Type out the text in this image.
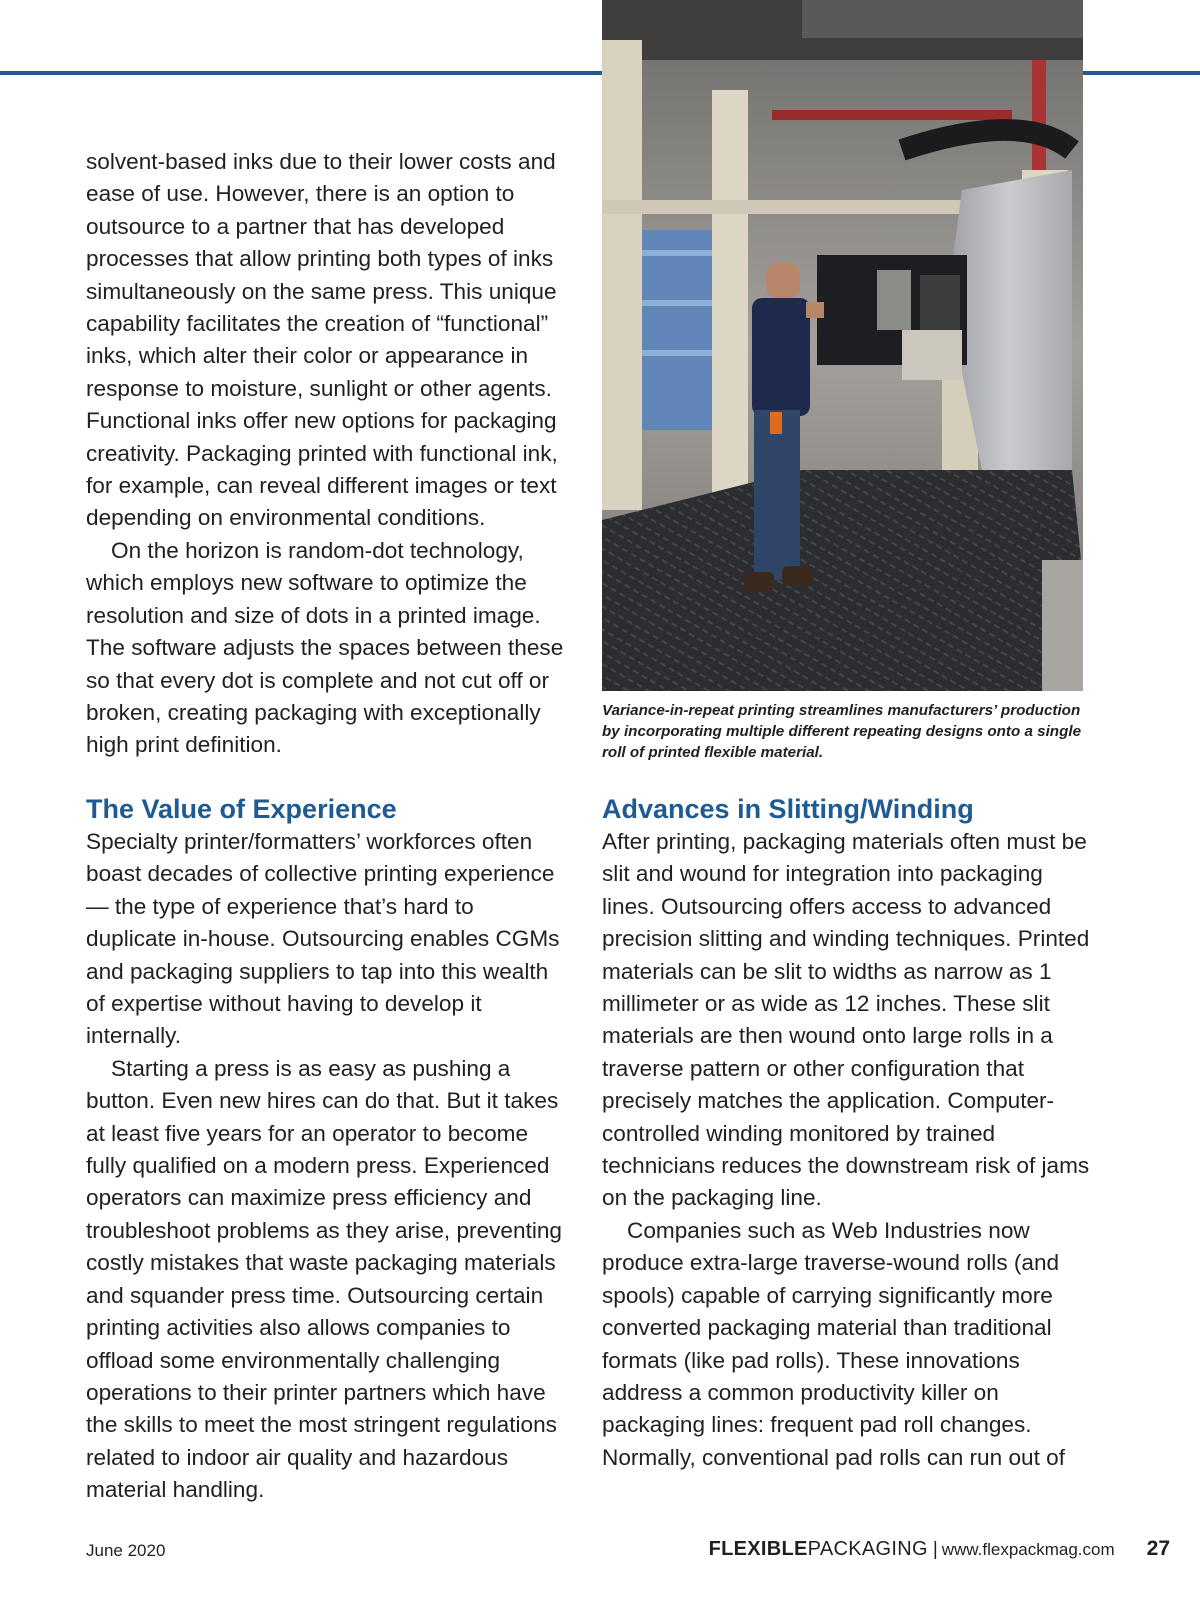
solvent-based inks due to their lower costs and ease of use. However, there is an option to outsource to a partner that has developed processes that allow printing both types of inks simultaneously on the same press. This unique capability facilitates the creation of “functional” inks, which alter their color or appearance in response to moisture, sunlight or other agents. Functional inks offer new options for packaging creativity. Packaging printed with functional ink, for example, can reveal different images or text depending on environmental conditions.

On the horizon is random-dot technology, which employs new software to optimize the resolution and size of dots in a printed image. The software adjusts the spaces between these so that every dot is complete and not cut off or broken, creating packaging with exceptionally high print definition.

Variance-in-repeat printing streamlines manufacturers’ production by incorporating multiple different repeating designs onto a single roll of printed flexible material.

The Value of Experience

Specialty printer/formatters’ workforces often boast decades of collective printing experience — the type of experience that’s hard to duplicate in-house. Outsourcing enables CGMs and packaging suppliers to tap into this wealth of expertise without having to develop it internally.

Starting a press is as easy as pushing a button. Even new hires can do that. But it takes at least five years for an operator to become fully qualified on a modern press. Experienced operators can maximize press efficiency and troubleshoot problems as they arise, preventing costly mistakes that waste packaging materials and squander press time. Outsourcing certain printing activities also allows companies to offload some environmentally challenging operations to their printer partners which have the skills to meet the most stringent regulations related to indoor air quality and hazardous material handling.

Advances in Slitting/Winding

After printing, packaging materials often must be slit and wound for integration into packaging lines. Outsourcing offers access to advanced precision slitting and winding techniques. Printed materials can be slit to widths as narrow as 1 millimeter or as wide as 12 inches. These slit materials are then wound onto large rolls in a traverse pattern or other configuration that precisely matches the application. Computer-controlled winding monitored by trained technicians reduces the downstream risk of jams on the packaging line.

Companies such as Web Industries now produce extra-large traverse-wound rolls (and spools) capable of carrying significantly more converted packaging material than traditional formats (like pad rolls). These innovations address a common productivity killer on packaging lines: frequent pad roll changes. Normally, conventional pad rolls can run out of

June 2020	FLEXIBLE PACKAGING | www.flexpackmag.com 27
